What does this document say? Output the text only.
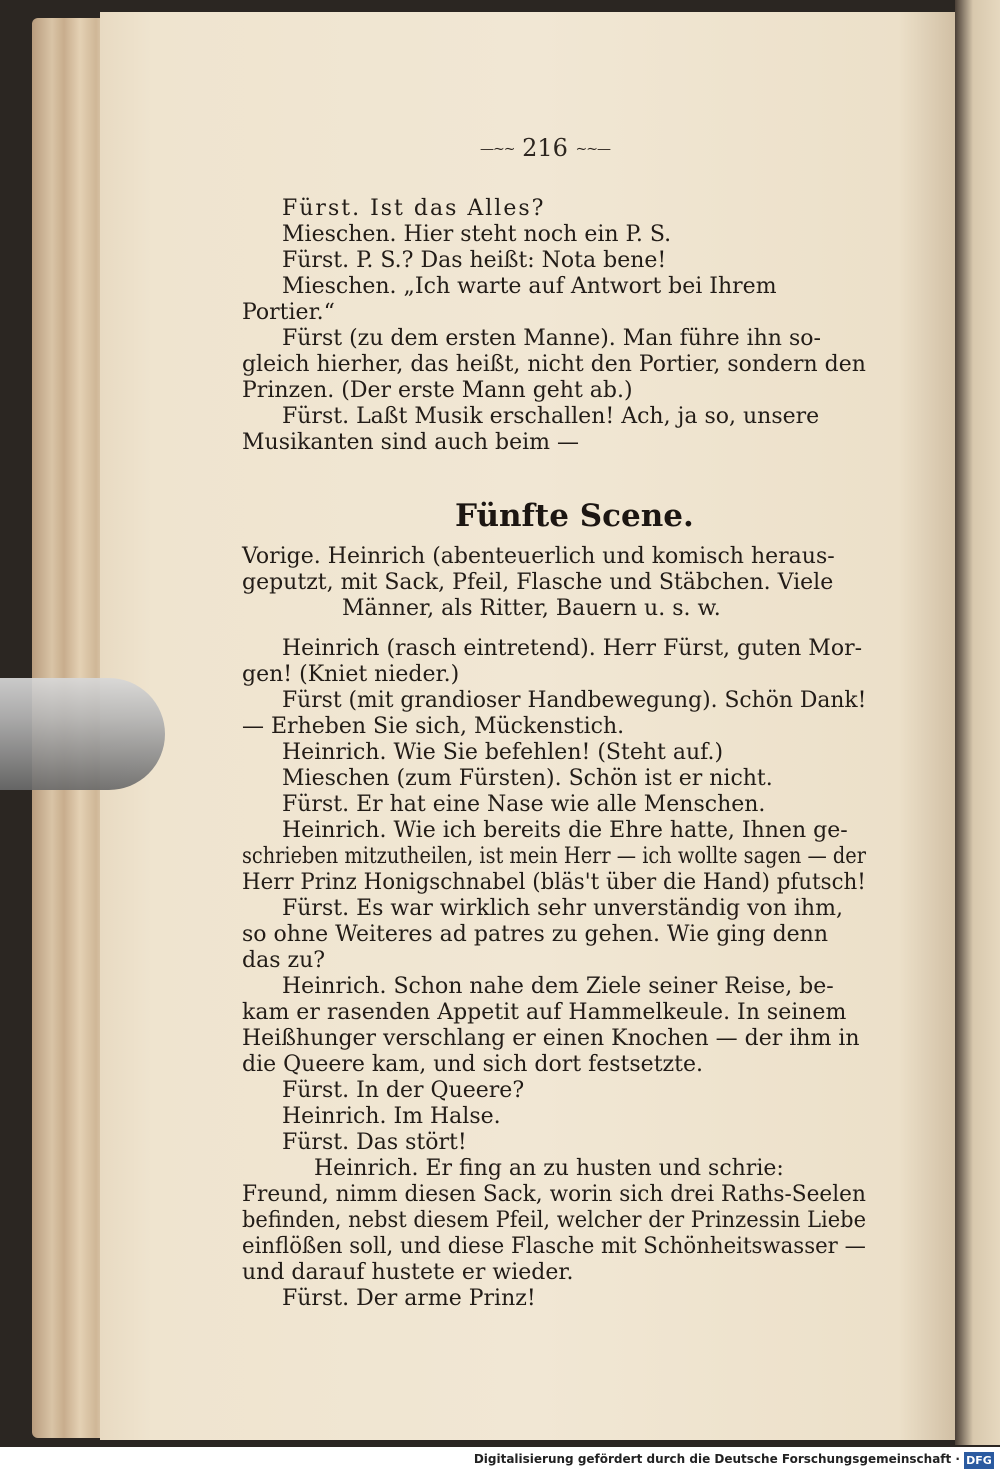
—~~ 216 ~~—
Fürst. Ist das Alles?
Mieschen. Hier steht noch ein P. S.
Fürst. P. S.? Das heißt: Nota bene!
Mieschen. „Ich warte auf Antwort bei Ihrem
Portier.“
Fürst (zu dem ersten Manne). Man führe ihn so-
gleich hierher, das heißt, nicht den Portier, sondern den
Prinzen. (Der erste Mann geht ab.)
Fürst. Laßt Musik erschallen! Ach, ja so, unsere
Musikanten sind auch beim —
Fünfte Scene.
Vorige. Heinrich (abenteuerlich und komisch heraus-
geputzt, mit Sack, Pfeil, Flasche und Stäbchen. Viele
Männer, als Ritter, Bauern u. s. w.
Heinrich (rasch eintretend). Herr Fürst, guten Mor-
gen! (Kniet nieder.)
Fürst (mit grandioser Handbewegung). Schön Dank!
— Erheben Sie sich, Mückenstich.
Heinrich. Wie Sie befehlen! (Steht auf.)
Mieschen (zum Fürsten). Schön ist er nicht.
Fürst. Er hat eine Nase wie alle Menschen.
Heinrich. Wie ich bereits die Ehre hatte, Ihnen ge-
schrieben mitzutheilen, ist mein Herr — ich wollte sagen — der
Herr Prinz Honigschnabel (bläs't über die Hand) pfutsch!
Fürst. Es war wirklich sehr unverständig von ihm,
so ohne Weiteres ad patres zu gehen. Wie ging denn
das zu?
Heinrich. Schon nahe dem Ziele seiner Reise, be-
kam er rasenden Appetit auf Hammelkeule. In seinem
Heißhunger verschlang er einen Knochen — der ihm in
die Queere kam, und sich dort festsetzte.
Fürst. In der Queere?
Heinrich. Im Halse.
Fürst. Das stört!
Heinrich. Er fing an zu husten und schrie:
Freund, nimm diesen Sack, worin sich drei Raths-Seelen
befinden, nebst diesem Pfeil, welcher der Prinzessin Liebe
einflößen soll, und diese Flasche mit Schönheitswasser —
und darauf hustete er wieder.
Fürst. Der arme Prinz!
Digitalisierung gefördert durch die Deutsche Forschungsgemeinschaft · DFG
